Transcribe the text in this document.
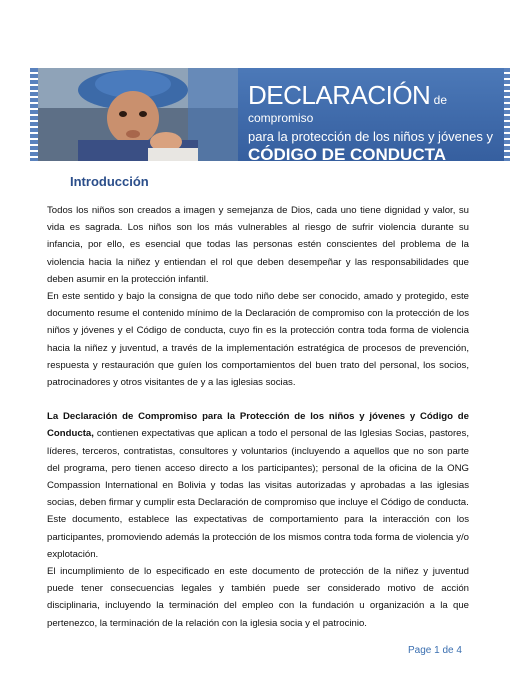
DECLARACIÓN de compromiso
para la protección de los niños y jóvenes y
CÓDIGO DE CONDUCTA
Introducción

Todos los niños son creados a imagen y semejanza de Dios, cada uno tiene dignidad y valor, su vida es sagrada. Los niños son los más vulnerables al riesgo de sufrir violencia durante su infancia, por ello, es esencial que todas las personas estén conscientes del problema de la violencia hacia la niñez y entiendan el rol que deben desempeñar y las responsabilidades que deben asumir en la protección infantil.

En este sentido y bajo la consigna de que todo niño debe ser conocido, amado y protegido, este documento resume el contenido mínimo de la Declaración de compromiso con la protección de los niños y jóvenes y el Código de conducta, cuyo fin es la protección contra toda forma de violencia hacia la niñez y juventud, a través de la implementación estratégica de procesos de prevención, respuesta y restauración que guíen los comportamientos del buen trato del personal, los socios, patrocinadores y otros visitantes de y a las iglesias socias.

La Declaración de Compromiso para la Protección de los niños y jóvenes y Código de Conducta, contienen expectativas que aplican a todo el personal de las Iglesias Socias, pastores, líderes, terceros, contratistas, consultores y voluntarios (incluyendo a aquellos que no son parte del programa, pero tienen acceso directo a los participantes); personal de la oficina de la ONG Compassion International en Bolivia y todas las visitas autorizadas y aprobadas a las iglesias socias, deben firmar y cumplir esta Declaración de compromiso que incluye el Código de conducta.

Este documento, establece las expectativas de comportamiento para la interacción con los participantes, promoviendo además la protección de los mismos contra toda forma de violencia y/o explotación.

El incumplimiento de lo especificado en este documento de protección de la niñez y juventud puede tener consecuencias legales y también puede ser considerado motivo de acción disciplinaria, incluyendo la terminación del empleo con la fundación u organización a la que pertenezco, la terminación de la relación con la iglesia socia y el patrocinio.

Page 1 de 4
